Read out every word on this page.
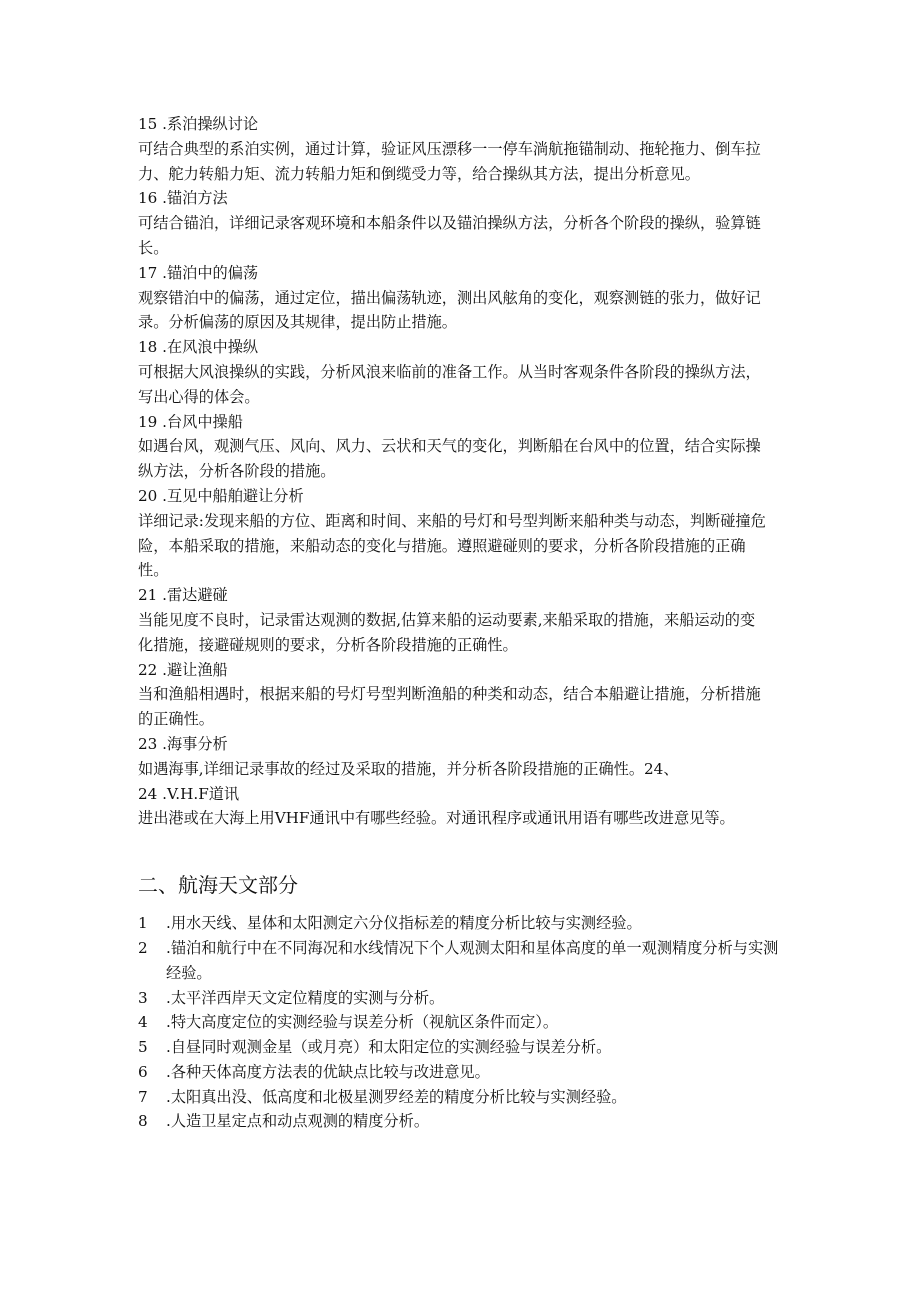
15 .系泊操纵讨论

可结合典型的系泊实例，通过计算，验证风压漂移一一停车淌航拖锚制动、拖轮拖力、倒车拉力、舵力转船力矩、流力转船力矩和倒缆受力等，给合操纵其方法，提出分析意见。

16 .锚泊方法

可结合锚泊，详细记录客观环境和本船条件以及锚泊操纵方法，分析各个阶段的操纵，验算链长。

17 .锚泊中的偏荡

观察错泊中的偏荡，通过定位，描出偏荡轨迹，测出风舷角的变化，观察测链的张力，做好记录。分析偏荡的原因及其规律，提出防止措施。

18 .在风浪中操纵

可根据大风浪操纵的实践，分析风浪来临前的准备工作。从当时客观条件各阶段的操纵方法，写出心得的体会。

19 .台风中操船

如遇台风，观测气压、风向、风力、云状和天气的变化，判断船在台风中的位置，结合实际操纵方法，分析各阶段的措施。

20 .互见中船舶避让分析

详细记录:发现来船的方位、距离和时间、来船的号灯和号型判断来船种类与动态，判断碰撞危险，本船采取的措施，来船动态的变化与措施。遵照避碰则的要求，分析各阶段措施的正确性。

21 .雷达避碰

当能见度不良时，记录雷达观测的数据,估算来船的运动要素,来船采取的措施，来船运动的变化措施，接避碰规则的要求，分析各阶段措施的正确性。

22 .避让渔船

当和渔船相遇时，根据来船的号灯号型判断渔船的种类和动态，结合本船避让措施，分析措施的正确性。

23 .海事分析

如遇海事,详细记录事故的经过及采取的措施，并分析各阶段措施的正确性。24、

24 .V.H.F道讯

进出港或在大海上用VHF通讯中有哪些经验。对通讯程序或通讯用语有哪些改进意见等。

二、航海天文部分
1	.用水天线、星体和太阳测定六分仪指标差的精度分析比较与实测经验。
2	.锚泊和航行中在不同海况和水线情况下个人观测太阳和星体高度的单一观测精度分析与实测经验。
3	.太平洋西岸天文定位精度的实测与分析。
4	.特大高度定位的实测经验与误差分析（视航区条件而定）。
5	.自昼同时观测金星（或月亮）和太阳定位的实测经验与误差分析。
6	.各种天体高度方法表的优缺点比较与改进意见。
7	.太阳真出没、低高度和北极星测罗经差的精度分析比较与实测经验。
8	.人造卫星定点和动点观测的精度分析。
